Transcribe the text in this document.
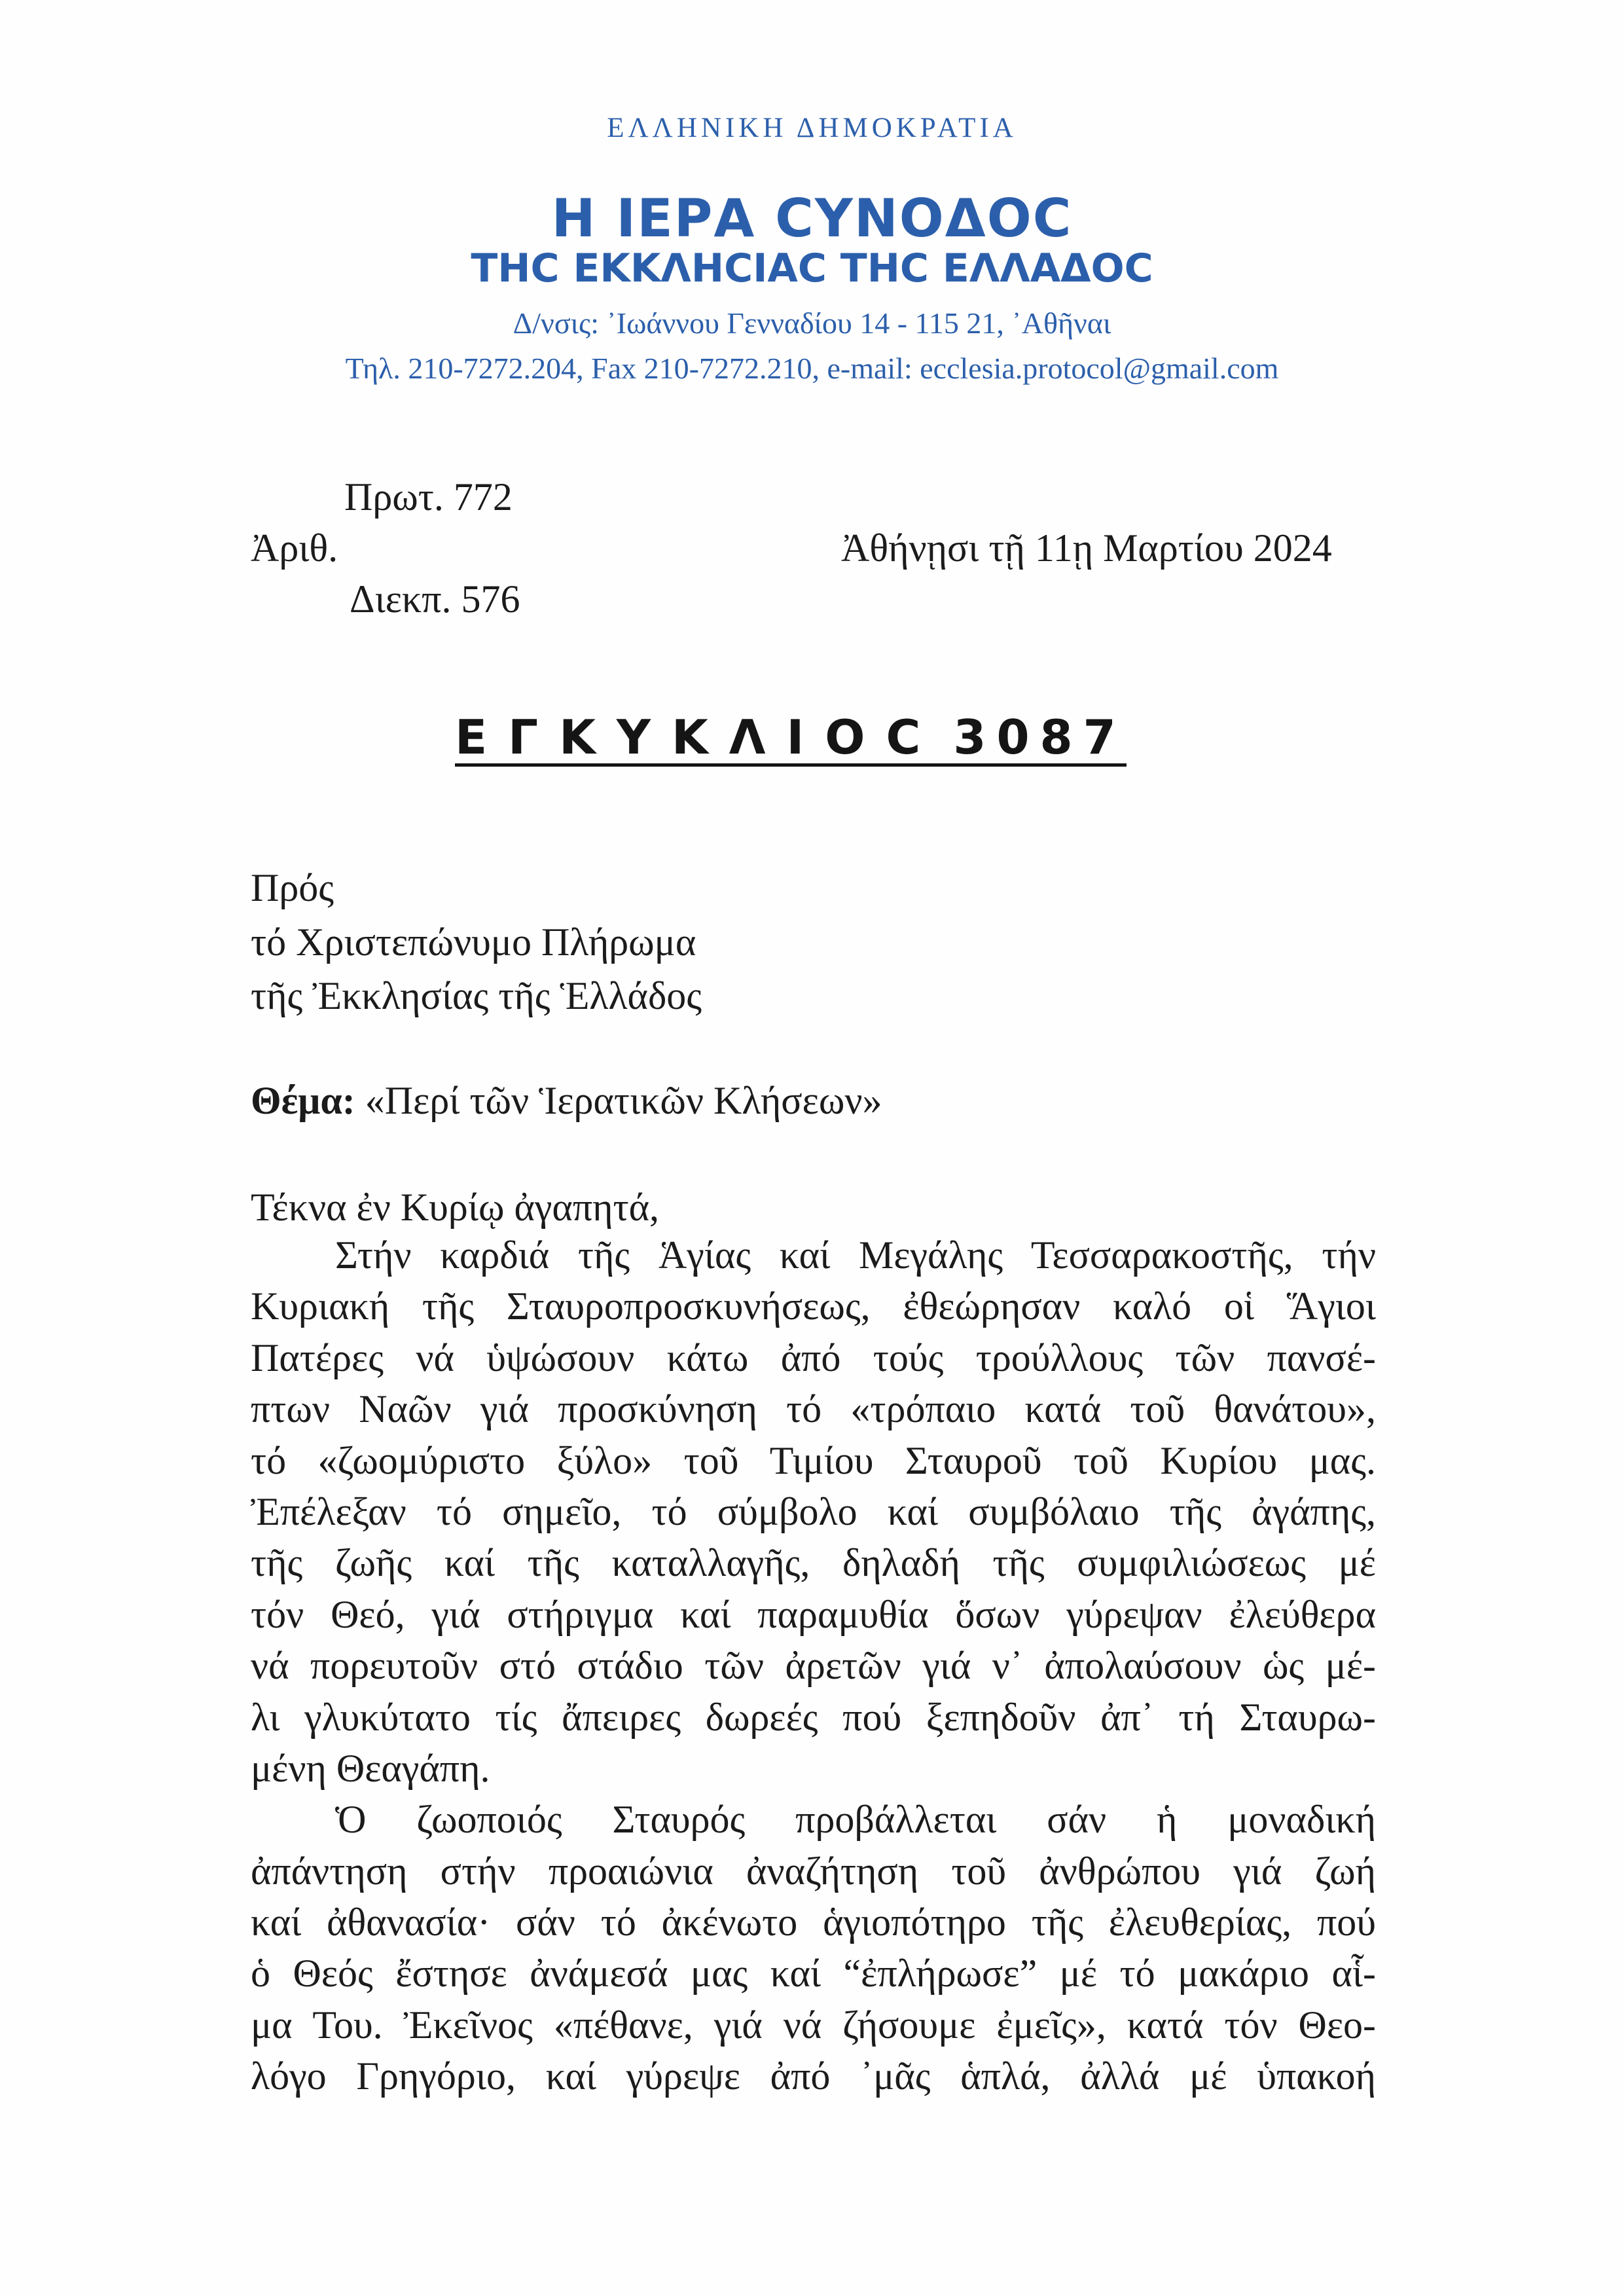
ΕΛΛΗΝΙΚΗ ΔΗΜΟΚΡΑΤΙΑ
Η ΙΕΡΑ ϹΥΝΟΔΟϹ
ΤΗϹ ΕΚΚΛΗϹΙΑϹ ΤΗϹ ΕΛΛΑΔΟϹ
Δ/νσις: ᾿Ιωάννου Γενναδίου 14 - 115 21, ᾿Αθῆναι
Τηλ. 210-7272.204, Fax 210-7272.210, e-mail: ecclesia.protocol@gmail.com
Πρωτ. 772
Ἀριθ.
Διεκπ. 576
Ἀθήνῃσι τῇ 11ῃ Μαρτίου 2024
ΕΓΚΥΚΛΙΟϹ 3087
Πρός
τό Χριστεπώνυμο Πλήρωμα
τῆς Ἐκκλησίας τῆς Ἑλλάδος
Θέμα: «Περί τῶν Ἱερατικῶν Κλήσεων»
Τέκνα ἐν Κυρίῳ ἀγαπητά,
Στήν καρδιά τῆς Ἁγίας καί Μεγάλης Τεσσαρακοστῆς, τήν
Κυριακή τῆς Σταυροπροσκυνήσεως, ἐθεώρησαν καλό οἱ Ἅγιοι
Πατέρες νά ὑψώσουν κάτω ἀπό τούς τρούλλους τῶν πανσέ-
πτων Ναῶν γιά προσκύνηση τό «τρόπαιο κατά τοῦ θανάτου»,
τό «ζωομύριστο ξύλο» τοῦ Τιμίου Σταυροῦ τοῦ Κυρίου μας.
Ἐπέλεξαν τό σημεῖο, τό σύμβολο καί συμβόλαιο τῆς ἀγάπης,
τῆς ζωῆς καί τῆς καταλλαγῆς, δηλαδή τῆς συμφιλιώσεως μέ
τόν Θεό, γιά στήριγμα καί παραμυθία ὅσων γύρεψαν ἐλεύθερα
νά πορευτοῦν στό στάδιο τῶν ἀρετῶν γιά ν᾽ ἀπολαύσουν ὡς μέ-
λι γλυκύτατο τίς ἄπειρες δωρεές πού ξεπηδοῦν ἀπ᾽ τή Σταυρω-
μένη Θεαγάπη.
Ὁ ζωοποιός Σταυρός προβάλλεται σάν ἡ μοναδική
ἀπάντηση στήν προαιώνια ἀναζήτηση τοῦ ἀνθρώπου γιά ζωή
καί ἀθανασία· σάν τό ἀκένωτο ἁγιοπότηρο τῆς ἐλευθερίας, πού
ὁ Θεός ἔστησε ἀνάμεσά μας καί “ἐπλήρωσε” μέ τό μακάριο αἷ-
μα Του. Ἐκεῖνος «πέθανε, γιά νά ζήσουμε ἐμεῖς», κατά τόν Θεο-
λόγο Γρηγόριο, καί γύρεψε ἀπό ᾽μᾶς ἁπλά, ἀλλά μέ ὑπακοή
